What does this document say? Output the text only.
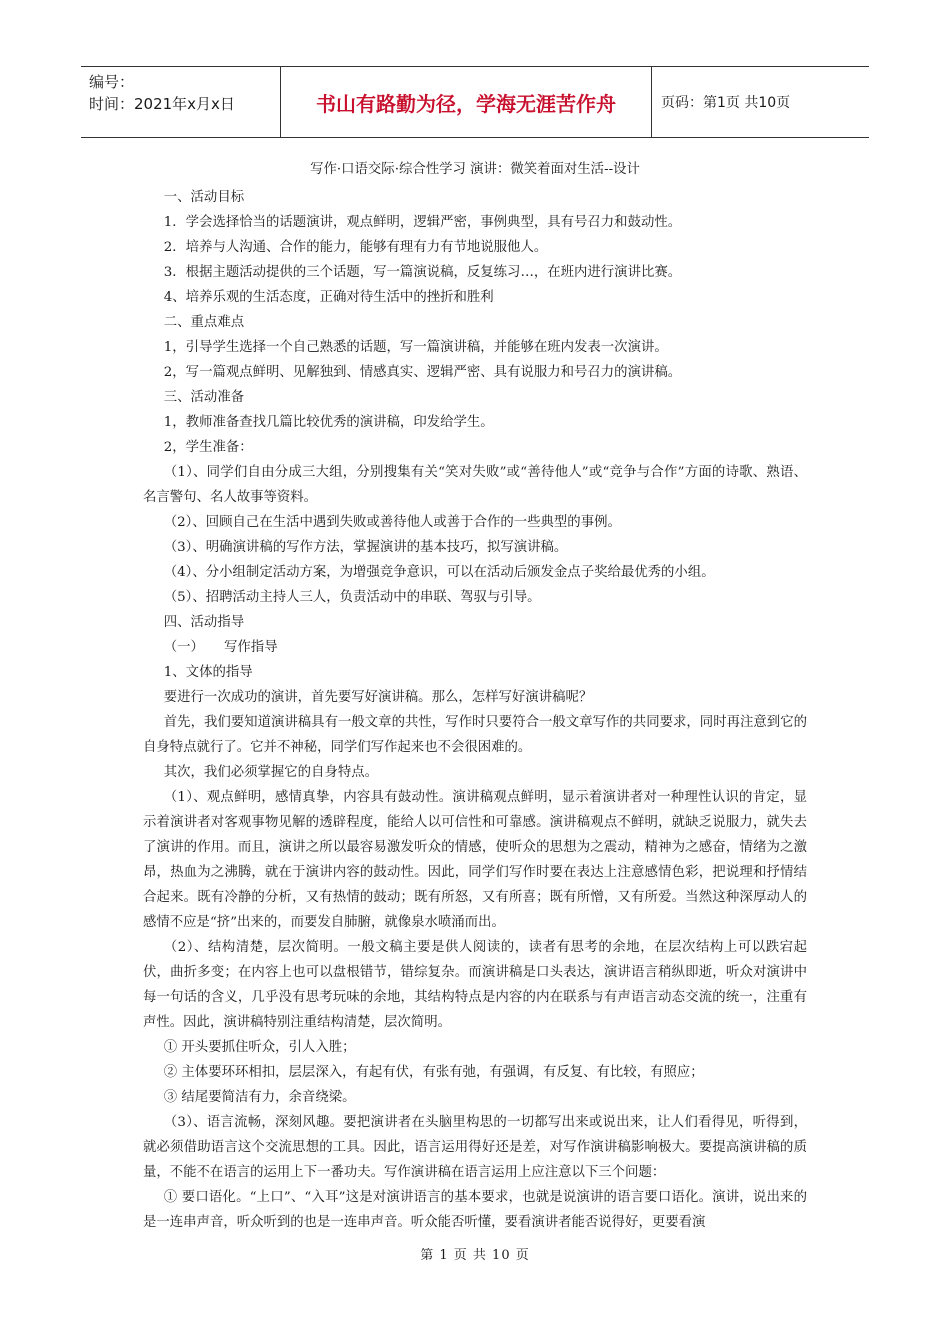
编号：
时间：2021年x月x日	书山有路勤为径，学海无涯苦作舟	页码：第1页 共10页
写作·口语交际·综合性学习 演讲：微笑着面对生活--设计

一、活动目标

1．学会选择恰当的话题演讲，观点鲜明，逻辑严密，事例典型，具有号召力和鼓动性。

2．培养与人沟通、合作的能力，能够有理有力有节地说服他人。

3．根据主题活动提供的三个话题，写一篇演说稿，反复练习…，在班内进行演讲比赛。

4、培养乐观的生活态度，正确对待生活中的挫折和胜利

二、重点难点

1，引导学生选择一个自己熟悉的话题，写一篇演讲稿，并能够在班内发表一次演讲。

2，写一篇观点鲜明、见解独到、情感真实、逻辑严密、具有说服力和号召力的演讲稿。

三、活动准备

1，教师准备查找几篇比较优秀的演讲稿，印发给学生。

2，学生准备：

（1）、同学们自由分成三大组，分别搜集有关“笑对失败”或“善待他人”或“竞争与合作”方面的诗歌、熟语、名言警句、名人故事等资料。

（2）、回顾自己在生活中遇到失败或善待他人或善于合作的一些典型的事例。

（3）、明确演讲稿的写作方法，掌握演讲的基本技巧，拟写演讲稿。

（4）、分小组制定活动方案，为增强竞争意识，可以在活动后颁发金点子奖给最优秀的小组。

（5）、招聘活动主持人三人，负责活动中的串联、驾驭与引导。

四、活动指导

（一）　　写作指导

1、文体的指导

要进行一次成功的演讲，首先要写好演讲稿。那么，怎样写好演讲稿呢？

首先，我们要知道演讲稿具有一般文章的共性，写作时只要符合一般文章写作的共同要求，同时再注意到它的自身特点就行了。它并不神秘，同学们写作起来也不会很困难的。

其次，我们必须掌握它的自身特点。

（1）、观点鲜明，感情真挚，内容具有鼓动性。演讲稿观点鲜明，显示着演讲者对一种理性认识的肯定，显示着演讲者对客观事物见解的透辟程度，能给人以可信性和可靠感。演讲稿观点不鲜明，就缺乏说服力，就失去了演讲的作用。而且，演讲之所以最容易激发听众的情感，使听众的思想为之震动，精神为之感奋，情绪为之激昂，热血为之沸腾，就在于演讲内容的鼓动性。因此，同学们写作时要在表达上注意感情色彩，把说理和抒情结合起来。既有冷静的分析，又有热情的鼓动；既有所怒，又有所喜；既有所憎，又有所爱。当然这种深厚动人的感情不应是“挤”出来的，而要发自肺腑，就像泉水喷涌而出。

（2）、结构清楚，层次简明。一般文稿主要是供人阅读的，读者有思考的余地，在层次结构上可以跌宕起伏，曲折多变；在内容上也可以盘根错节，错综复杂。而演讲稿是口头表达，演讲语言稍纵即逝，听众对演讲中每一句话的含义，几乎没有思考玩味的余地，其结构特点是内容的内在联系与有声语言动态交流的统一，注重有声性。因此，演讲稿特别注重结构清楚，层次简明。

① 开头要抓住听众，引人入胜；

② 主体要环环相扣，层层深入，有起有伏，有张有弛，有强调，有反复、有比较，有照应；

③ 结尾要简洁有力，余音绕梁。

（3）、语言流畅，深刻风趣。要把演讲者在头脑里构思的一切都写出来或说出来，让人们看得见，听得到，就必须借助语言这个交流思想的工具。因此，语言运用得好还是差，对写作演讲稿影响极大。要提高演讲稿的质量，不能不在语言的运用上下一番功夫。写作演讲稿在语言运用上应注意以下三个问题：

① 要口语化。“上口”、“入耳”这是对演讲语言的基本要求，也就是说演讲的语言要口语化。演讲，说出来的是一连串声音，听众听到的也是一连串声音。听众能否听懂，要看演讲者能否说得好，更要看演

第 1 页 共 10 页
